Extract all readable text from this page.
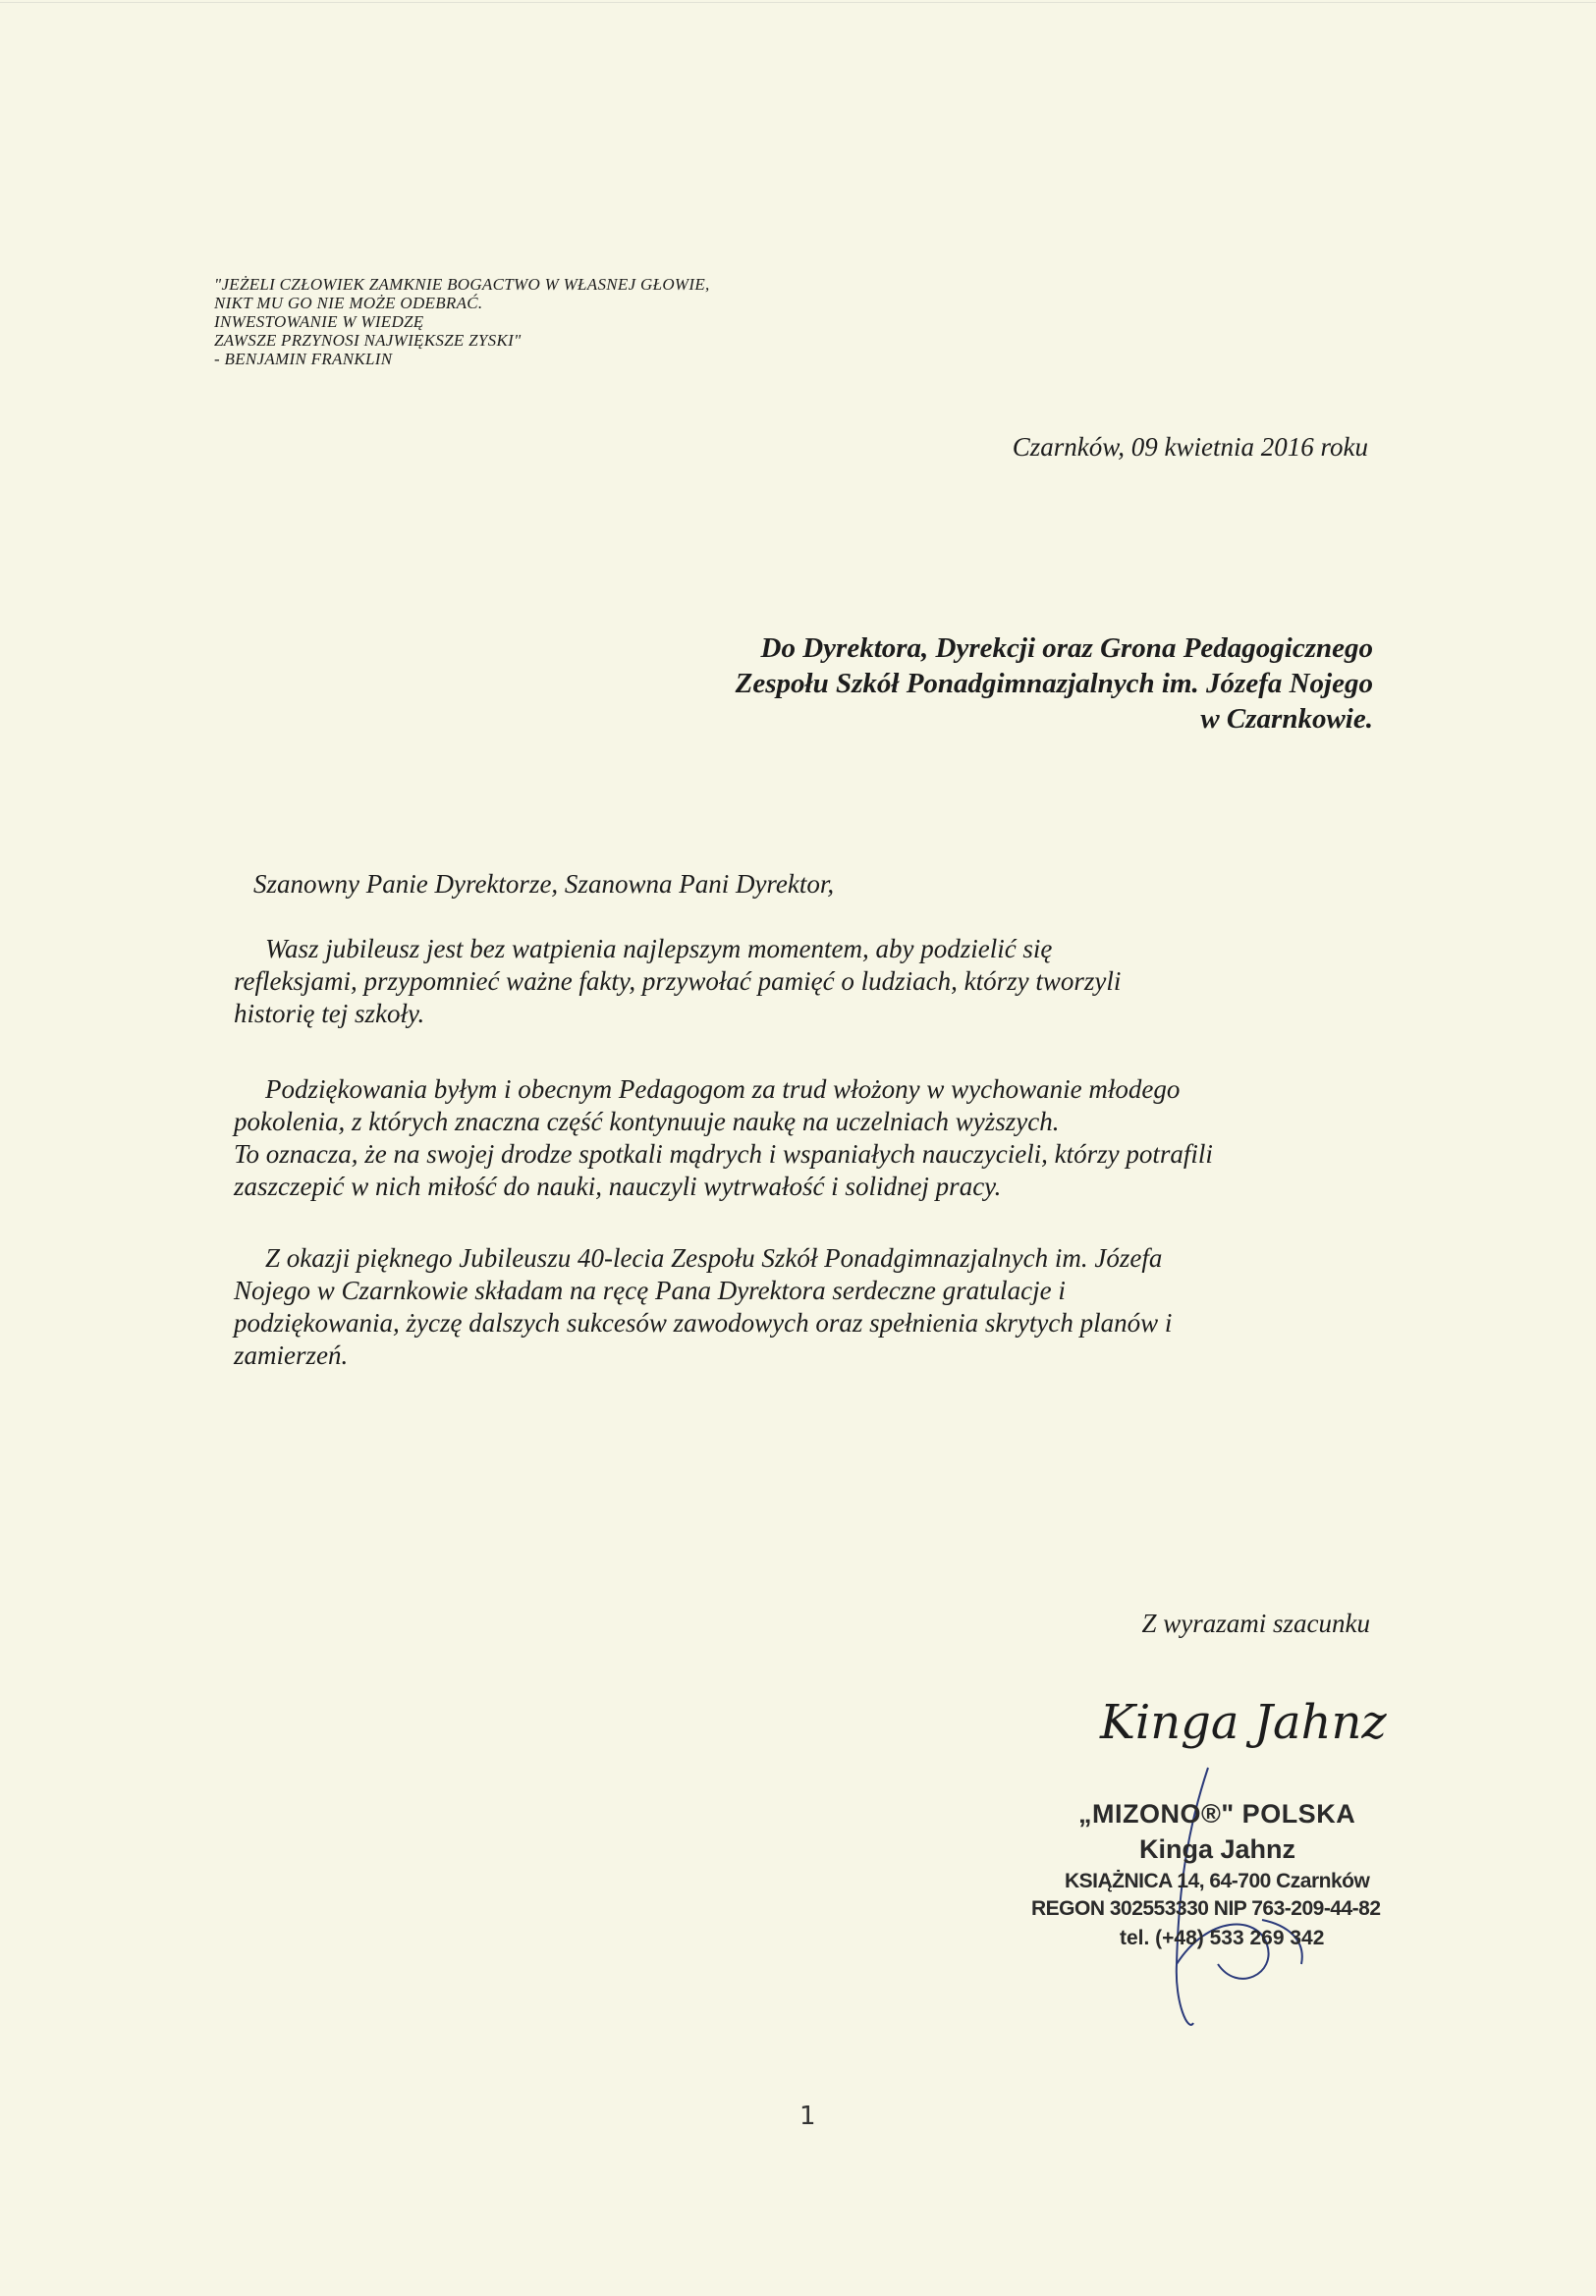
"JEŻELI CZŁOWIEK ZAMKNIE BOGACTWO W WŁASNEJ GŁOWIE,
NIKT MU GO NIE MOŻE ODEBRAĆ.
INWESTOWANIE W WIEDZĘ
ZAWSZE PRZYNOSI NAJWIĘKSZE ZYSKI"
- BENJAMIN FRANKLIN
Czarnków, 09 kwietnia 2016 roku
Do Dyrektora, Dyrekcji oraz Grona Pedagogicznego
Zespołu Szkół Ponadgimnazjalnych im. Józefa Nojego
w Czarnkowie.
Szanowny Panie Dyrektorze, Szanowna Pani Dyrektor,
Wasz jubileusz jest bez watpienia najlepszym momentem, aby podzielić się
refleksjami, przypomnieć ważne fakty, przywołać pamięć o ludziach, którzy tworzyli
historię tej szkoły.
Podziękowania byłym i obecnym Pedagogom za trud włożony w wychowanie młodego
pokolenia, z których znaczna część kontynuuje naukę na uczelniach wyższych.
To oznacza, że na swojej drodze spotkali mądrych i wspaniałych nauczycieli, którzy potrafili
zaszczepić w nich miłość do nauki, nauczyli wytrwałość i solidnej pracy.
Z okazji pięknego Jubileuszu 40-lecia Zespołu Szkół Ponadgimnazjalnych im. Józefa
Nojego w Czarnkowie składam na ręcę Pana Dyrektora serdeczne gratulacje i
podziękowania, życzę dalszych sukcesów zawodowych oraz spełnienia skrytych planów i
zamierzeń.
Z wyrazami szacunku
Kinga Jahnz
„MIZONO®" POLSKA
Kinga Jahnz
KSIĄŻNICA 14, 64-700 Czarnków
REGON 302553330 NIP 763-209-44-82
tel. (+48) 533 269 342
1
